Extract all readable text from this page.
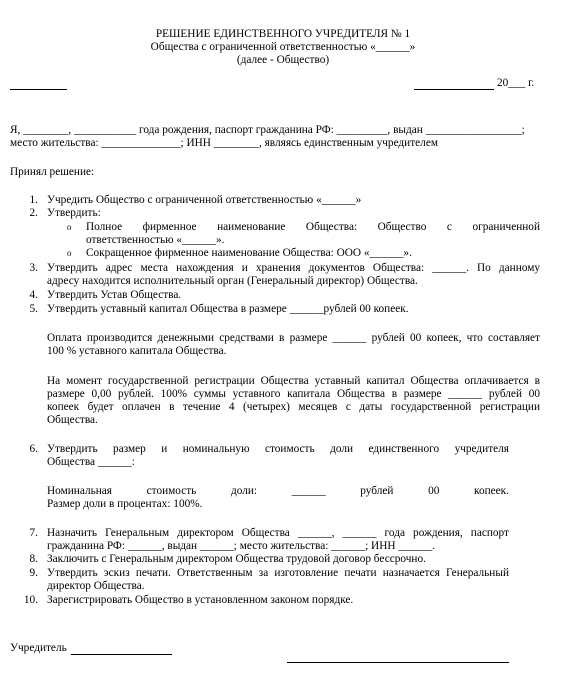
РЕШЕНИЕ ЕДИНСТВЕННОГО УЧРЕДИТЕЛЯ № 1
Общества с ограниченной ответственностью «______»
(далее - Общество)
20___ г.
Я, ________, ___________ года рождения, паспорт гражданина РФ: _________, выдан _________________;
место жительства: ______________; ИНН ________, являясь единственным учредителем
Принял решение:
1. Учредить Общество с ограниченной ответственностью «______»
2. Утвердить:
o Полное фирменное наименование Общества: Общество с ограниченной
ответственностью «______».
o Сокращенное фирменное наименование Общества: ООО «______».
3. Утвердить адрес места нахождения и хранения документов Общества: ______. По данному
адресу находится исполнительный орган (Генеральный директор) Общества.
4. Утвердить Устав Общества.
5. Утвердить уставный капитал Общества в размере ______рублей 00 копеек.
Оплата производится денежными средствами в размере ______ рублей 00 копеек, что составляет
100 % уставного капитала Общества.
На момент государственной регистрации Общества уставный капитал Общества оплачивается в
размере 0,00 рублей. 100% суммы уставного капитала Общества в размере ______ рублей 00
копеек будет оплачен в течение 4 (четырех) месяцев с даты государственной регистрации
Общества.
6. Утвердить размер и номинальную стоимость доли единственного учредителя
Общества ______:
Номинальная стоимость доли: ______ рублей 00 копеек.
Размер доли в процентах: 100%.
7. Назначить Генеральным директором Общества ______, ______ года рождения, паспорт
гражданина РФ: ______, выдан ______; место жительства: ______; ИНН ______.
8. Заключить с Генеральным директором Общества трудовой договор бессрочно.
9. Утвердить эскиз печати. Ответственным за изготовление печати назначается Генеральный
директор Общества.
10. Зарегистрировать Общество в установленном законом порядке.
Учредитель
